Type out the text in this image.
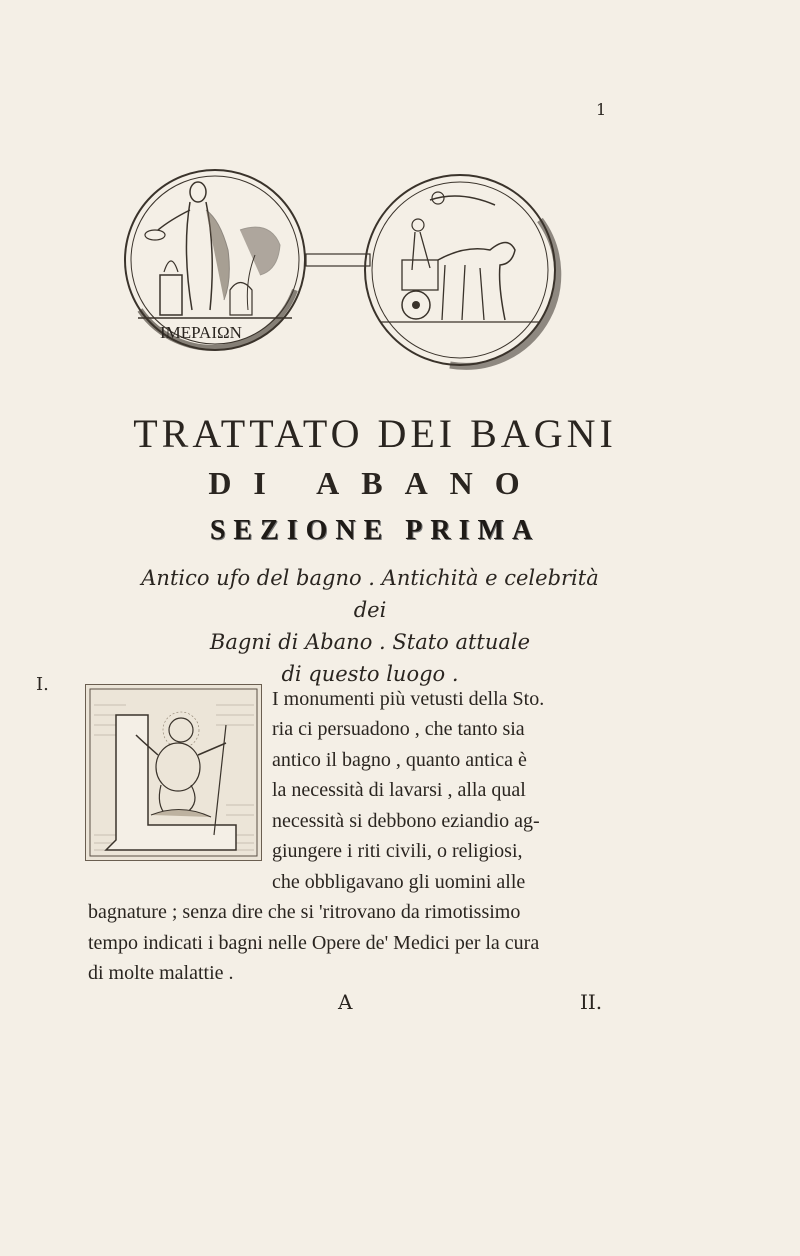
1
IMEPAIΩN
TRATTATO DEI BAGNI
DI ABANO
SEZIONE PRIMA
Antico ufo del bagno . Antichità e celebrità dei
Bagni di Abano . Stato attuale
di questo luogo .
I.
I monumenti più vetusti della Sto.
ria ci persuadono , che tanto sia
antico il bagno , quanto antica è
la necessità di lavarsi , alla qual
necessità si debbono eziandio ag-
giungere i riti civili, o religiosi,
che obbligavano gli uomini alle
bagnature ; senza dire che si 'ritrovano da rimotissimo
tempo indicati i bagni nelle Opere de' Medici per la cura
di molte malattie .
A	II.
